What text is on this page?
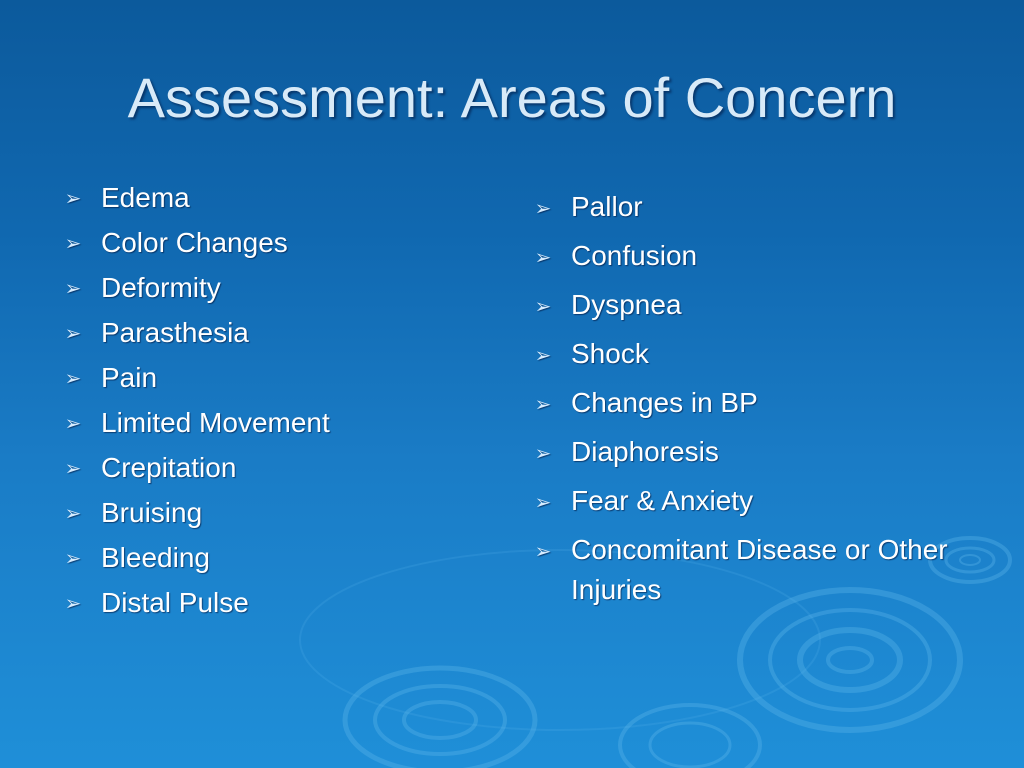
Assessment: Areas of Concern
➢ Edema
➢ Color Changes
➢ Deformity
➢ Parasthesia
➢ Pain
➢ Limited Movement
➢ Crepitation
➢ Bruising
➢ Bleeding
➢ Distal Pulse
➢ Pallor
➢ Confusion
➢ Dyspnea
➢ Shock
➢ Changes in BP
➢ Diaphoresis
➢ Fear & Anxiety
➢ Concomitant Disease or Other Injuries
